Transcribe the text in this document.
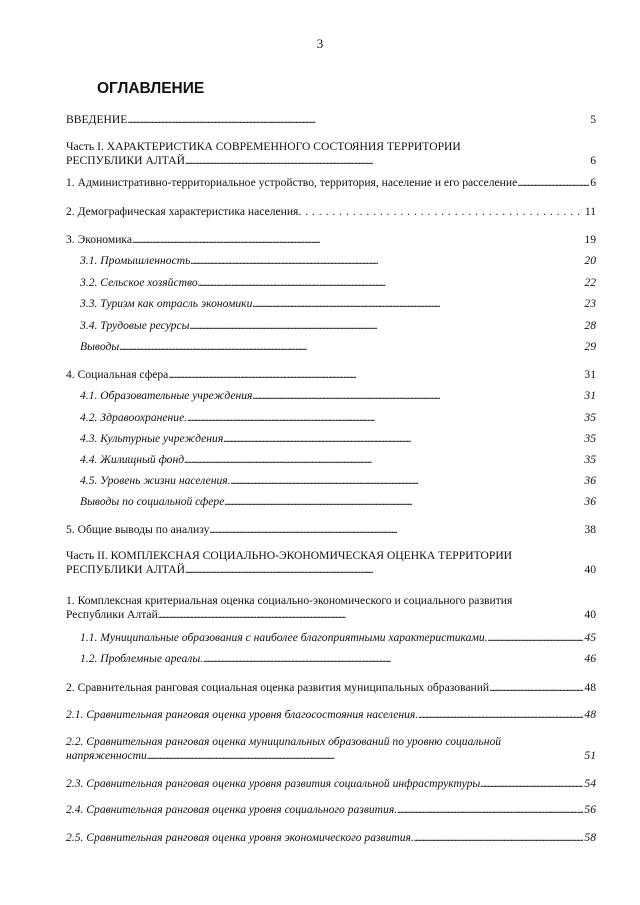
3
ОГЛАВЛЕНИЕ
ВВЕДЕНИЕ . . .	5
Часть I. ХАРАКТЕРИСТИКА СОВРЕМЕННОГО СОСТОЯНИЯ ТЕРРИТОРИИ
РЕСПУБЛИКИ АЛТАЙ . . .	6
1. Административно-территориальное устройство, территория, население и его расселение . . .	6
2. Демографическая характеристика населения . . .	11
3. Экономика . . .	19
3.1. Промышленность . . .	20
3.2. Сельское хозяйство . . .	22
3.3. Туризм как отрасль экономики . . .	23
3.4. Трудовые ресурсы . . .	28
Выводы . . .	29
4. Социальная сфера . . .	31
4.1. Образовательные учреждения . . .	31
4.2. Здравоохранение. . . .	35
4.3. Культурные учреждения . . .	35
4.4. Жилищный фонд . . .	35
4.5. Уровень жизни населения. . . .	36
Выводы по социальной сфере . . .	36
5. Общие выводы по анализу . . .	38
Часть II. КОМПЛЕКСНАЯ СОЦИАЛЬНО-ЭКОНОМИЧЕСКАЯ ОЦЕНКА ТЕРРИТОРИИ
РЕСПУБЛИКИ АЛТАЙ . . .	40
1. Комплексная критериальная оценка социально-экономического и социального развития
Республики Алтай . . .	40
1.1. Муниципальные образования с наиболее благоприятными характеристиками. . . .	45
1.2. Проблемные ареалы. . . .	46
2. Сравнительная ранговая социальная оценка развития муниципальных образований . . .	48
2.1. Сравнительная ранговая оценка уровня благосостояния населения. . . .	48
2.2. Сравнительная ранговая оценка муниципальных образований по уровню социальной
напряженности . . .	51
2.3. Сравнительная ранговая оценка уровня развития социальной инфраструктуры . . .	54
2.4. Сравнительная ранговая оценка уровня социального развития. . . .	56
2.5. Сравнительная ранговая оценка уровня экономического развития. . . .	58
